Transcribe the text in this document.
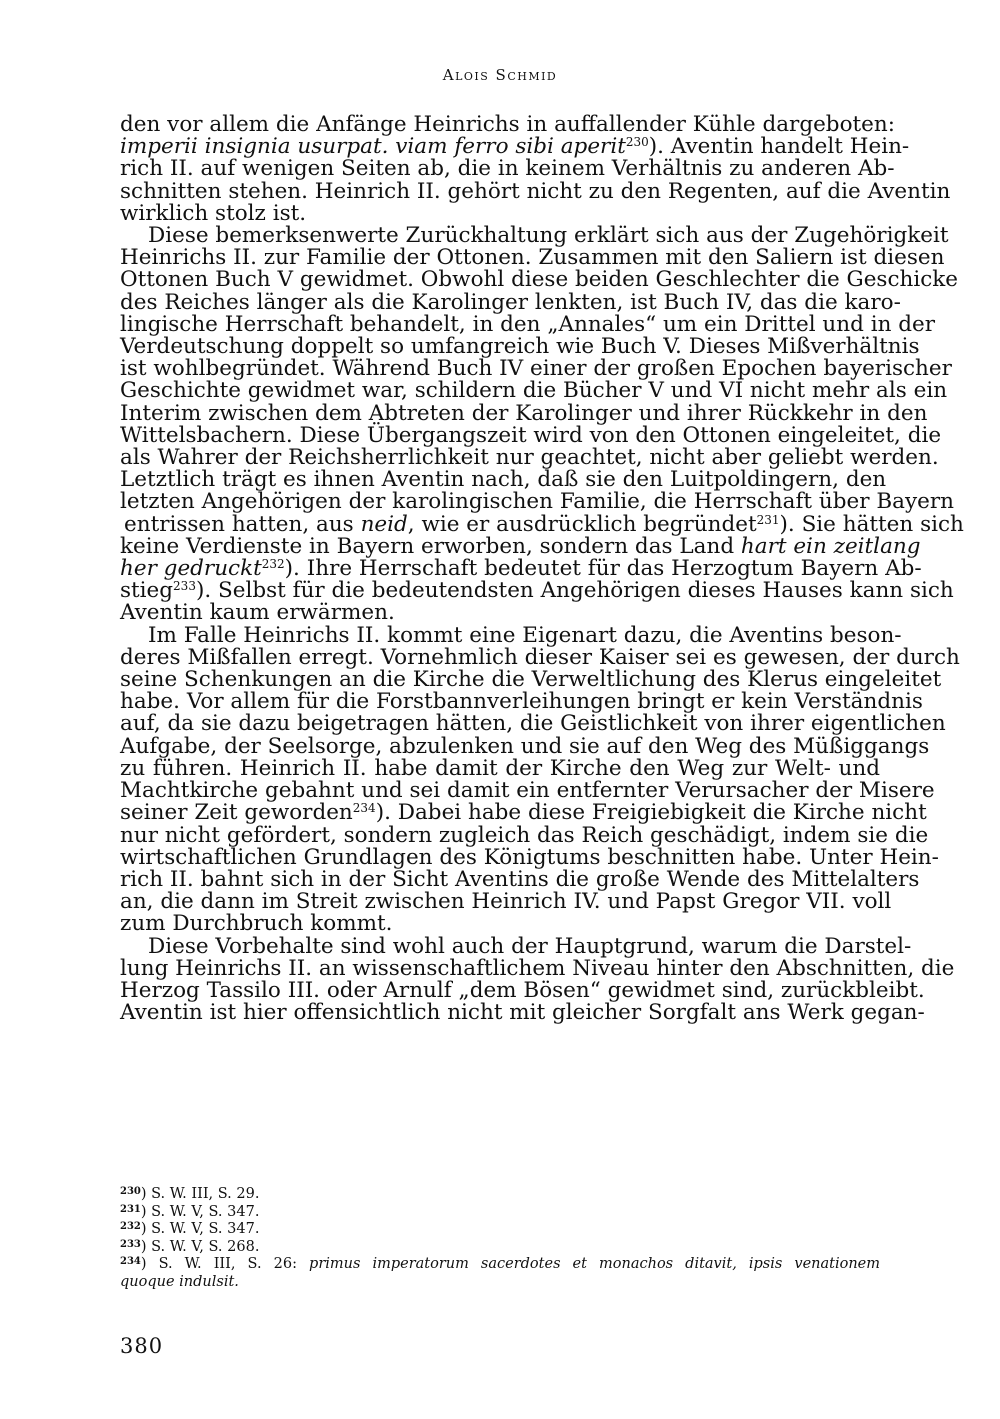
Alois Schmid
den vor allem die Anfänge Heinrichs in auffallender Kühle dargeboten:
imperii insignia usurpat. viam ferro sibi aperit$^{230}$). Aventin handelt Hein-
rich II. auf wenigen Seiten ab, die in keinem Verhältnis zu anderen Ab-
schnitten stehen. Heinrich II. gehört nicht zu den Regenten, auf die Aventin
wirklich stolz ist.
Diese bemerksenwerte Zurückhaltung erklärt sich aus der Zugehörigkeit
Heinrichs II. zur Familie der Ottonen. Zusammen mit den Saliern ist diesen
Ottonen Buch V gewidmet. Obwohl diese beiden Geschlechter die Geschicke
des Reiches länger als die Karolinger lenkten, ist Buch IV, das die karo-
lingische Herrschaft behandelt, in den „Annales“ um ein Drittel und in der
Verdeutschung doppelt so umfangreich wie Buch V. Dieses Mißverhältnis
ist wohlbegründet. Während Buch IV einer der großen Epochen bayerischer
Geschichte gewidmet war, schildern die Bücher V und VI nicht mehr als ein
Interim zwischen dem Abtreten der Karolinger und ihrer Rückkehr in den
Wittelsbachern. Diese Übergangszeit wird von den Ottonen eingeleitet, die
als Wahrer der Reichsherrlichkeit nur geachtet, nicht aber geliebt werden.
Letztlich trägt es ihnen Aventin nach, daß sie den Luitpoldingern, den
letzten Angehörigen der karolingischen Familie, die Herrschaft über Bayern
entrissen hatten, aus neid, wie er ausdrücklich begründet$^{231}$). Sie hätten sich
keine Verdienste in Bayern erworben, sondern das Land hart ein zeitlang
her gedruckt$^{232}$). Ihre Herrschaft bedeutet für das Herzogtum Bayern Ab-
stieg$^{233}$). Selbst für die bedeutendsten Angehörigen dieses Hauses kann sich
Aventin kaum erwärmen.
Im Falle Heinrichs II. kommt eine Eigenart dazu, die Aventins beson-
deres Mißfallen erregt. Vornehmlich dieser Kaiser sei es gewesen, der durch
seine Schenkungen an die Kirche die Verweltlichung des Klerus eingeleitet
habe. Vor allem für die Forstbannverleihungen bringt er kein Verständnis
auf, da sie dazu beigetragen hätten, die Geistlichkeit von ihrer eigentlichen
Aufgabe, der Seelsorge, abzulenken und sie auf den Weg des Müßiggangs
zu führen. Heinrich II. habe damit der Kirche den Weg zur Welt- und
Machtkirche gebahnt und sei damit ein entfernter Verursacher der Misere
seiner Zeit geworden$^{234}$). Dabei habe diese Freigiebigkeit die Kirche nicht
nur nicht gefördert, sondern zugleich das Reich geschädigt, indem sie die
wirtschaftlichen Grundlagen des Königtums beschnitten habe. Unter Hein-
rich II. bahnt sich in der Sicht Aventins die große Wende des Mittelalters
an, die dann im Streit zwischen Heinrich IV. und Papst Gregor VII. voll
zum Durchbruch kommt.
Diese Vorbehalte sind wohl auch der Hauptgrund, warum die Darstel-
lung Heinrichs II. an wissenschaftlichem Niveau hinter den Abschnitten, die
Herzog Tassilo III. oder Arnulf „dem Bösen“ gewidmet sind, zurückbleibt.
Aventin ist hier offensichtlich nicht mit gleicher Sorgfalt ans Werk gegan-
$^{230}$) S. W. III, S. 29.
$^{231}$) S. W. V, S. 347.
$^{232}$) S. W. V, S. 347.
$^{233}$) S. W. V, S. 268.
$^{234}$) S. W. III, S. 26: primus imperatorum sacerdotes et monachos ditavit, ipsis venationem
quoque indulsit.
380
